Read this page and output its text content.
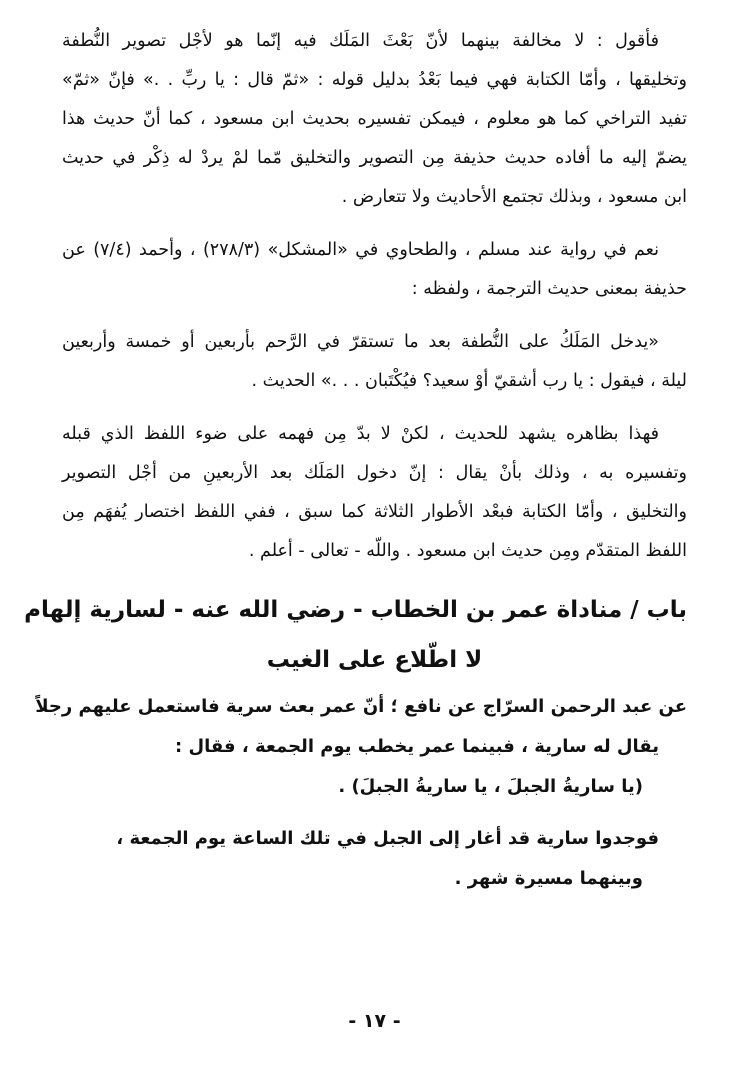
فأقول : لا مخالفة بينهما لأنّ بَعْثَ المَلَك فيه إنّما هو لأجْل تصوير النُّطفة
وتخليقها ، وأمّا الكتابة فهي فيما بَعْدُ بدليل قوله : «ثمّ قال : يا ربِّ . .» فإنّ «ثمّ»
تفيد التراخي كما هو معلوم ، فيمكن تفسيره بحديث ابن مسعود ، كما أنّ حديث هذا
يضمّ إليه ما أفاده حديث حذيفة مِن التصوير والتخليق مّما لمْ يردْ له ذِكْر في حديث
ابن مسعود ، وبذلك تجتمع الأحاديث ولا تتعارض .
نعم في رواية عند مسلم ، والطحاوي في «المشكل» (٢٧٨/٣) ، وأحمد (٧/٤) عن
حذيفة بمعنى حديث الترجمة ، ولفظه :
«يدخل المَلَكُ على النُّطفة بعد ما تستقرّ في الرَّحم بأربعين أو خمسة وأربعين
ليلة ، فيقول : يا رب أشقيّ أوْ سعيد؟ فيُكْتَبان . . .» الحديث .
فهذا بظاهره يشهد للحديث ، لكنْ لا بدّ مِن فهمه على ضوء اللفظ الذي قبله
وتفسيره به ، وذلك بأنْ يقال : إنّ دخول المَلَك بعد الأربعينِ من أجْل التصوير
والتخليق ، وأمّا الكتابة فبعْد الأطوار الثلاثة كما سبق ، ففي اللفظ اختصار يُفهَم مِن
اللفظ المتقدّم ومِن حديث ابن مسعود . واللّه - تعالى - أعلم .
باب / مناداة عمر بن الخطاب - رضي الله عنه - لسارية إلهام
لا اطّلاع على الغيب
عن عبد الرحمن السرّاج عن نافع ؛ أنّ عمر بعث سرية فاستعمل عليهم رجلاً
يقال له سارية ، فبينما عمر يخطب يوم الجمعة ، فقال :
(يا ساريةُ الجبلَ ، يا ساريةُ الجبلَ) .
فوجدوا سارية قد أغار إلى الجبل في تلك الساعة يوم الجمعة ،
وبينهما مسيرة شهر .
- ١٧ -
